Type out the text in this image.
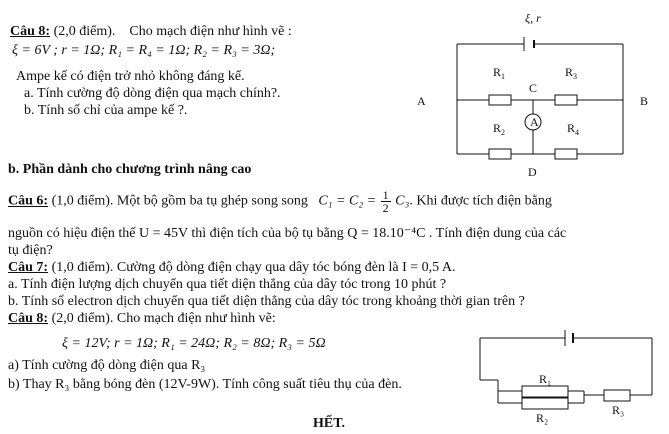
Câu 8: (2,0 điểm). Cho mạch điện như hình vẽ :
ξ = 6V ; r = 1Ω; R₁ = R₄ = 1Ω; R₂ = R₃ = 3Ω;
Ampe kế có điện trở nhỏ không đáng kể.
a. Tính cường độ dòng điện qua mạch chính?.
b. Tính số chỉ của ampe kế ?.
ξ, r
A	B
C
D
A
$R_1$	$R_3$
$R_2$	$R_4$
b. Phần dành cho chương trình nâng cao
Câu 6: (1,0 điểm). Một bộ gồm ba tụ ghép song song $C_1 = C_2 = \frac{1}{2} C_3$. Khi được tích điện bằng
nguồn có hiệu điện thế U = 45V thì điện tích của bộ tụ bằng Q = 18.10⁻⁴C . Tính điện dung của các
tụ điện?
Câu 7: (1,0 điểm). Cường độ dòng điện chạy qua dây tóc bóng đèn là I = 0,5 A.
a. Tính điện lượng dịch chuyển qua tiết diện thẳng của dây tóc trong 10 phút ?
b. Tính số electron dịch chuyển qua tiết diện thẳng của dây tóc trong khoảng thời gian trên ?
Câu 8: (2,0 điểm). Cho mạch điện như hình vẽ:
ξ = 12V; r = 1Ω; R₁ = 24Ω; R₂ = 8Ω; R₃ = 5Ω
a) Tính cường độ dòng điện qua R₃
b) Thay R₃ bằng bóng đèn (12V-9W). Tính công suất tiêu thụ của đèn.
HẾT.
R₁
R₂
R₃
